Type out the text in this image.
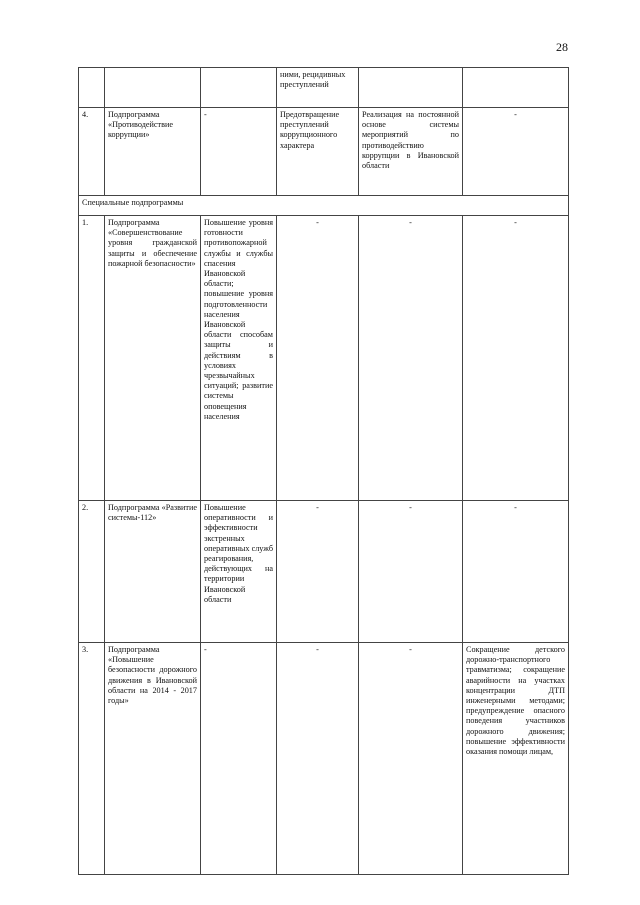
28
			ними, рецидивных преступлений		
4.	Подпрограмма «Противодействие коррупции»	-	Предотвращение преступлений коррупционного характера	Реализация на постоянной основе системы мероприятий по противодействию коррупции в Ивановской области	-
Специальные подпрограммы					
1.	Подпрограмма «Совершенствование уровня гражданской защиты и обеспечение пожарной безопасности»	Повышение уровня готовности противопожарной службы и службы спасения Ивановской области; повышение уровня подготовленности населения Ивановской области способам защиты и действиям в условиях чрезвычайных ситуаций; развитие системы оповещения населения	-	-	-
2.	Подпрограмма «Развитие системы-112»	Повышение оперативности и эффективности экстренных оперативных служб реагирования, действующих на территории Ивановской области	-	-	-
3.	Подпрограмма «Повышение безопасности дорожного движения в Ивановской области на 2014 - 2017 годы»	-	-	-	Сокращение детского дорожно-транспортного травматизма; сокращение аварийности на участках концентрации ДТП инженерными методами; предупреждение опасного поведения участников дорожного движения; повышение эффективности оказания помощи лицам,
